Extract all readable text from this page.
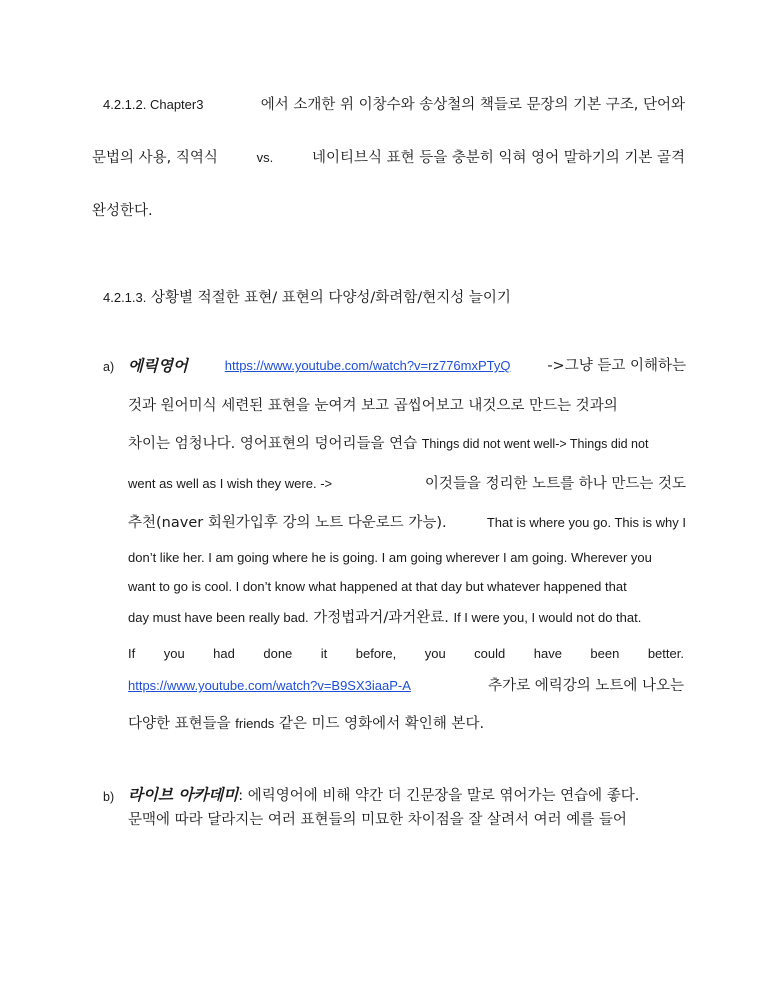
4.2.1.2. Chapter3	에서 소개한 위 이창수와 송상철의 책들로 문장의 기본 구조, 단어와
문법의 사용, 직역식	vs.	네이티브식 표현 등을 충분히 익혀 영어 말하기의 기본 골격
완성한다.
4.2.1.3. 상황별 적절한 표현/ 표현의 다양성/화려함/현지성 늘이기
a) 에릭영어	https://www.youtube.com/watch?v=rz776mxPTyQ	->그냥 듣고 이해하는
것과 원어미식 세련된 표현을 눈여겨 보고 곱씹어보고 내것으로 만드는 것과의
차이는 엄청나다. 영어표현의 덩어리들을 연습 Things did not went well-> Things did not
went as well as I wish they were. ->	이것들을 정리한 노트를 하나 만드는 것도
추천(naver 회원가입후 강의 노트 다운로드 가능).	That is where you go. This is why I
don’t like her. I am going where he is going. I am going wherever I am going. Wherever you
want to go is cool. I don’t know what happened at that day but whatever happened that
day must have been really bad. 가정법과거/과거완료. If I were you, I would not do that.
If you had done it before, you could have been better.
https://www.youtube.com/watch?v=B9SX3iaaP-A	추가로 에릭강의 노트에 나오는
다양한 표현들을 friends 같은 미드 영화에서 확인해 본다.
b) 라이브 아카데미: 에릭영어에 비해 약간 더 긴문장을 말로 엮어가는 연습에 좋다.
문맥에 따라 달라지는 여러 표현들의 미묘한 차이점을 잘 살려서 여러 예를 들어
